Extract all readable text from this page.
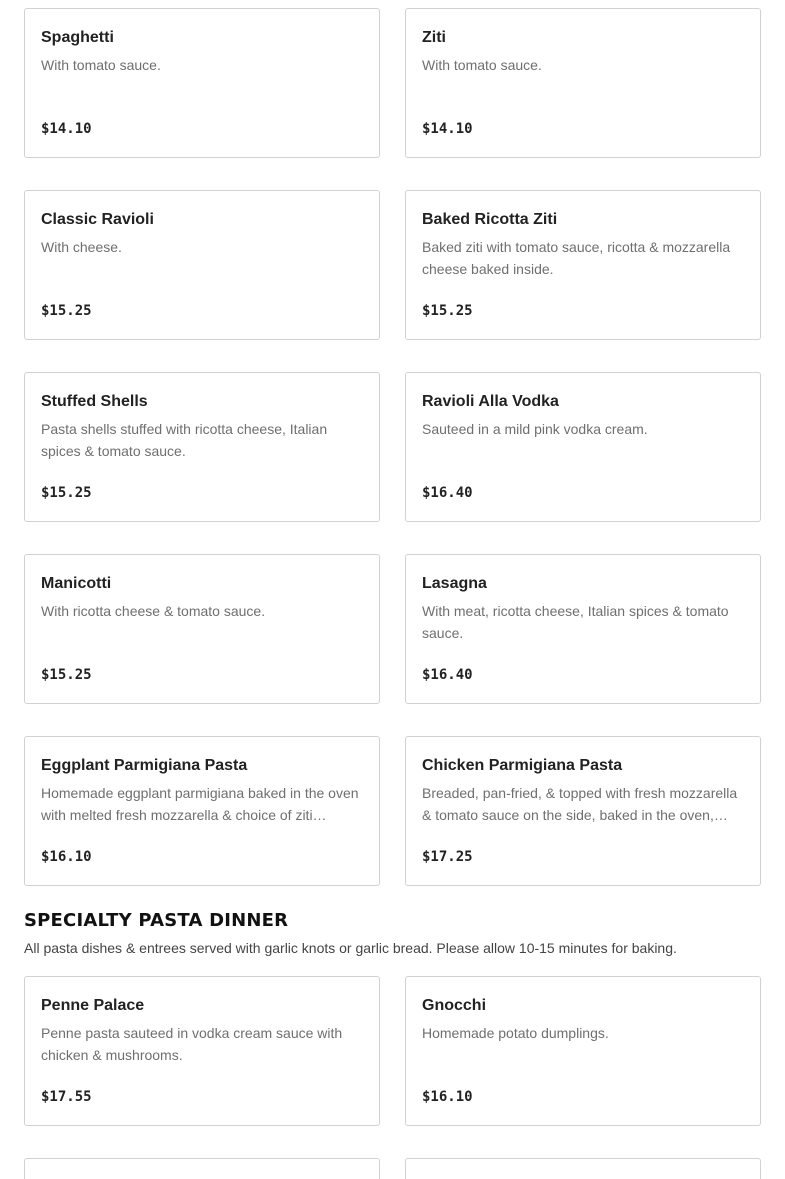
Spaghetti
With tomato sauce.
$14.10
Ziti
With tomato sauce.
$14.10
Classic Ravioli
With cheese.
$15.25
Baked Ricotta Ziti
Baked ziti with tomato sauce, ricotta & mozzarella cheese baked inside.
$15.25
Stuffed Shells
Pasta shells stuffed with ricotta cheese, Italian spices & tomato sauce.
$15.25
Ravioli Alla Vodka
Sauteed in a mild pink vodka cream.
$16.40
Manicotti
With ricotta cheese & tomato sauce.
$15.25
Lasagna
With meat, ricotta cheese, Italian spices & tomato sauce.
$16.40
Eggplant Parmigiana Pasta
Homemade eggplant parmigiana baked in the oven with melted fresh mozzarella & choice of ziti…
$16.10
Chicken Parmigiana Pasta
Breaded, pan-fried, & topped with fresh mozzarella & tomato sauce on the side, baked in the oven,…
$17.25
SPECIALTY PASTA DINNER

All pasta dishes & entrees served with garlic knots or garlic bread. Please allow 10-15 minutes for baking.

Penne Palace
Penne pasta sauteed in vodka cream sauce with chicken & mushrooms.
$17.55
Gnocchi
Homemade potato dumplings.
$16.10
